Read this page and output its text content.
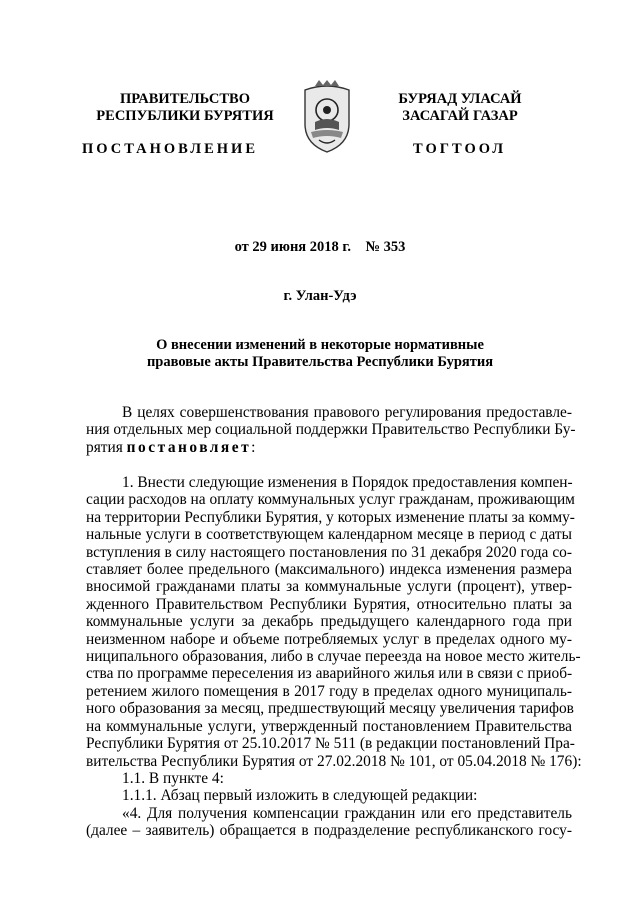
ПРАВИТЕЛЬСТВО
РЕСПУБЛИКИ БУРЯТИЯ
ПОСТАНОВЛЕНИЕ
БУРЯАД УЛАСАЙ
ЗАСАГАЙ ГАЗАР
ТОГТООЛ
от 29 июня 2018 г.    № 353
г. Улан-Удэ
О внесении изменений в некоторые нормативные
правовые акты Правительства Республики Бурятия
В целях совершенствования правового регулирования предоставле-
ния отдельных мер социальной поддержки Правительство Республики Бу-
рятия постановляет:
1. Внести следующие изменения в Порядок предоставления компен-
сации расходов на оплату коммунальных услуг гражданам, проживающим
на территории Республики Бурятия, у которых изменение платы за комму-
нальные услуги в соответствующем календарном месяце в период с даты
вступления в силу настоящего постановления по 31 декабря 2020 года со-
ставляет более предельного (максимального) индекса изменения размера
вносимой гражданами платы за коммунальные услуги (процент), утвер-
жденного Правительством Республики Бурятия, относительно платы за
коммунальные услуги за декабрь предыдущего календарного года при
неизменном наборе и объеме потребляемых услуг в пределах одного му-
ниципального образования, либо в случае переезда на новое место житель-
ства по программе переселения из аварийного жилья или в связи с приоб-
ретением жилого помещения в 2017 году в пределах одного муниципаль-
ного образования за месяц, предшествующий месяцу увеличения тарифов
на коммунальные услуги, утвержденный постановлением Правительства
Республики Бурятия от 25.10.2017 № 511 (в редакции постановлений Пра-
вительства Республики Бурятия от 27.02.2018 № 101, от 05.04.2018 № 176):
1.1. В пункте 4:
1.1.1. Абзац первый изложить в следующей редакции:
«4. Для получения компенсации гражданин или его представитель
(далее – заявитель) обращается в подразделение республиканского госу-
